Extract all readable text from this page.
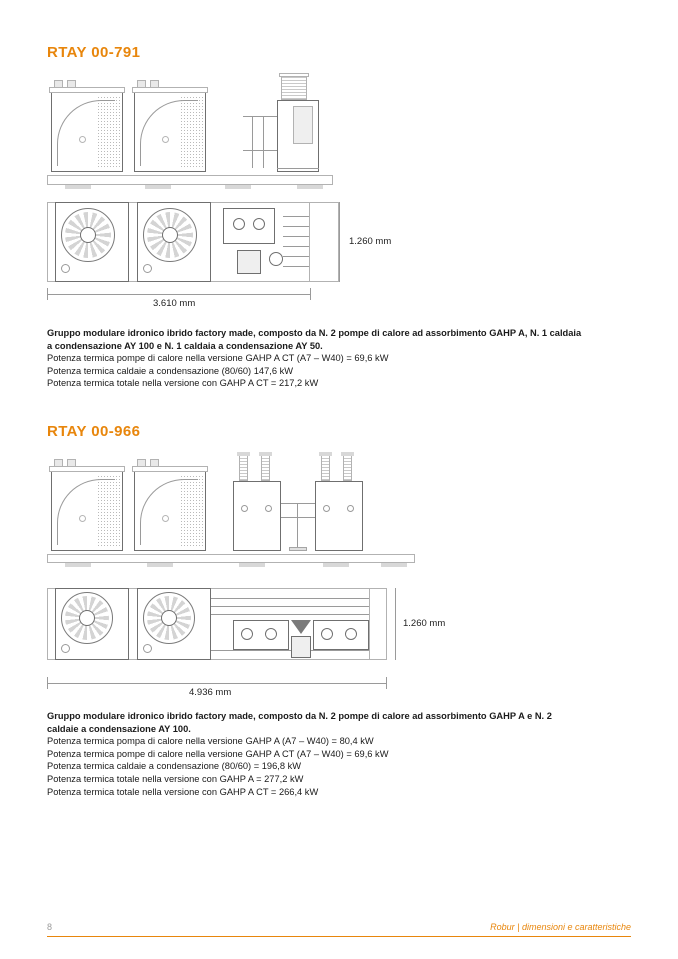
RTAY 00-791
1.260 mm
3.610 mm

Gruppo modulare idronico ibrido factory made, composto da N. 2 pompe di calore ad assorbimento GAHP A, N. 1 caldaia

a condensazione AY 100 e N. 1 caldaia a condensazione AY 50.

Potenza termica pompe di calore nella versione GAHP A CT (A7 – W40) = 69,6 kW

Potenza termica caldaie a condensazione (80/60) 147,6 kW

Potenza termica totale nella versione con GAHP A CT = 217,2 kW

RTAY 00-966
1.260 mm
4.936 mm

Gruppo modulare idronico ibrido factory made, composto da N. 2 pompe di calore ad assorbimento GAHP A e N. 2

caldaie a condensazione AY 100.

Potenza termica pompa di calore nella versione GAHP A (A7 – W40) = 80,4 kW

Potenza termica pompe di calore nella versione GAHP A CT (A7 – W40) = 69,6 kW

Potenza termica caldaie a condensazione (80/60) = 196,8 kW

Potenza termica totale nella versione con GAHP A = 277,2 kW

Potenza termica totale nella versione con GAHP A CT = 266,4 kW

8	Robur | dimensioni e caratteristiche
